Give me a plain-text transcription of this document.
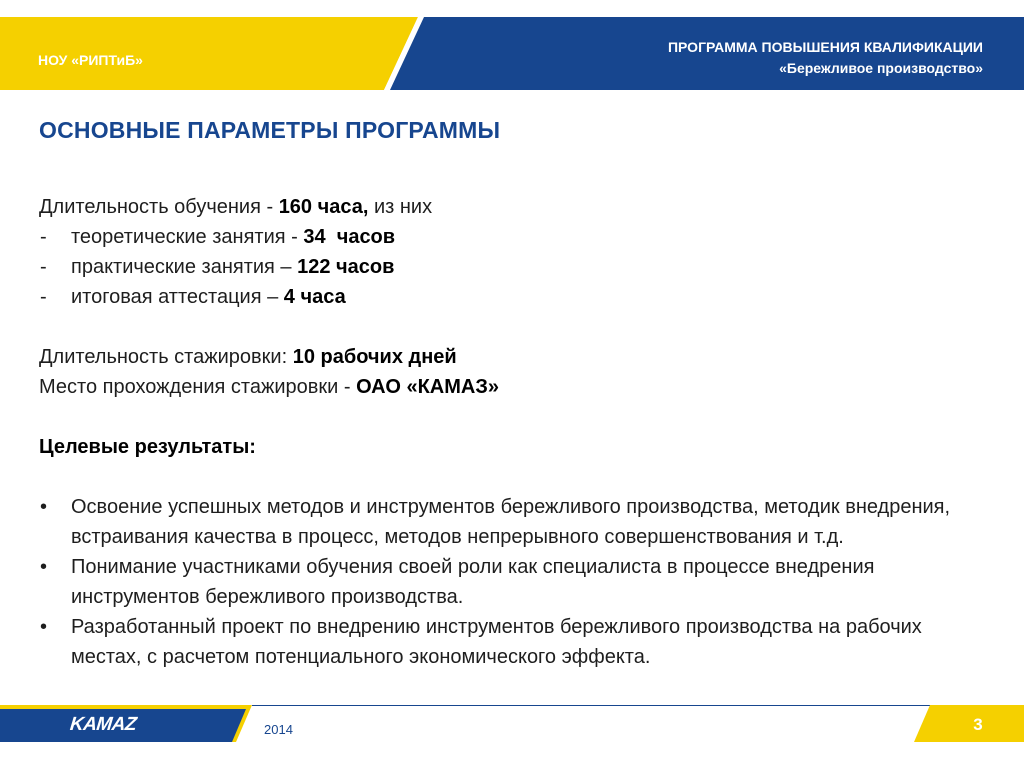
НОУ «РИПТиБ»
ПРОГРАММА ПОВЫШЕНИЯ КВАЛИФИКАЦИИ
«Бережливое производство»
ОСНОВНЫЕ ПАРАМЕТРЫ ПРОГРАММЫ
Длительность обучения - 160 часа, из них
- теоретические занятия - 34  часов
- практические занятия – 122 часов
- итоговая аттестация – 4 часа
Длительность стажировки: 10 рабочих дней
Место прохождения стажировки - ОАО «КАМАЗ»
Целевые результаты:
• Освоение успешных методов и инструментов бережливого производства, методик внедрения, встраивания качества в процесс, методов непрерывного совершенствования и т.д.
• Понимание участниками обучения своей роли как специалиста в процессе внедрения инструментов бережливого производства.
• Разработанный проект по внедрению инструментов бережливого производства на рабочих местах, с расчетом потенциального экономического эффекта.
KAMAZ	2014	3
